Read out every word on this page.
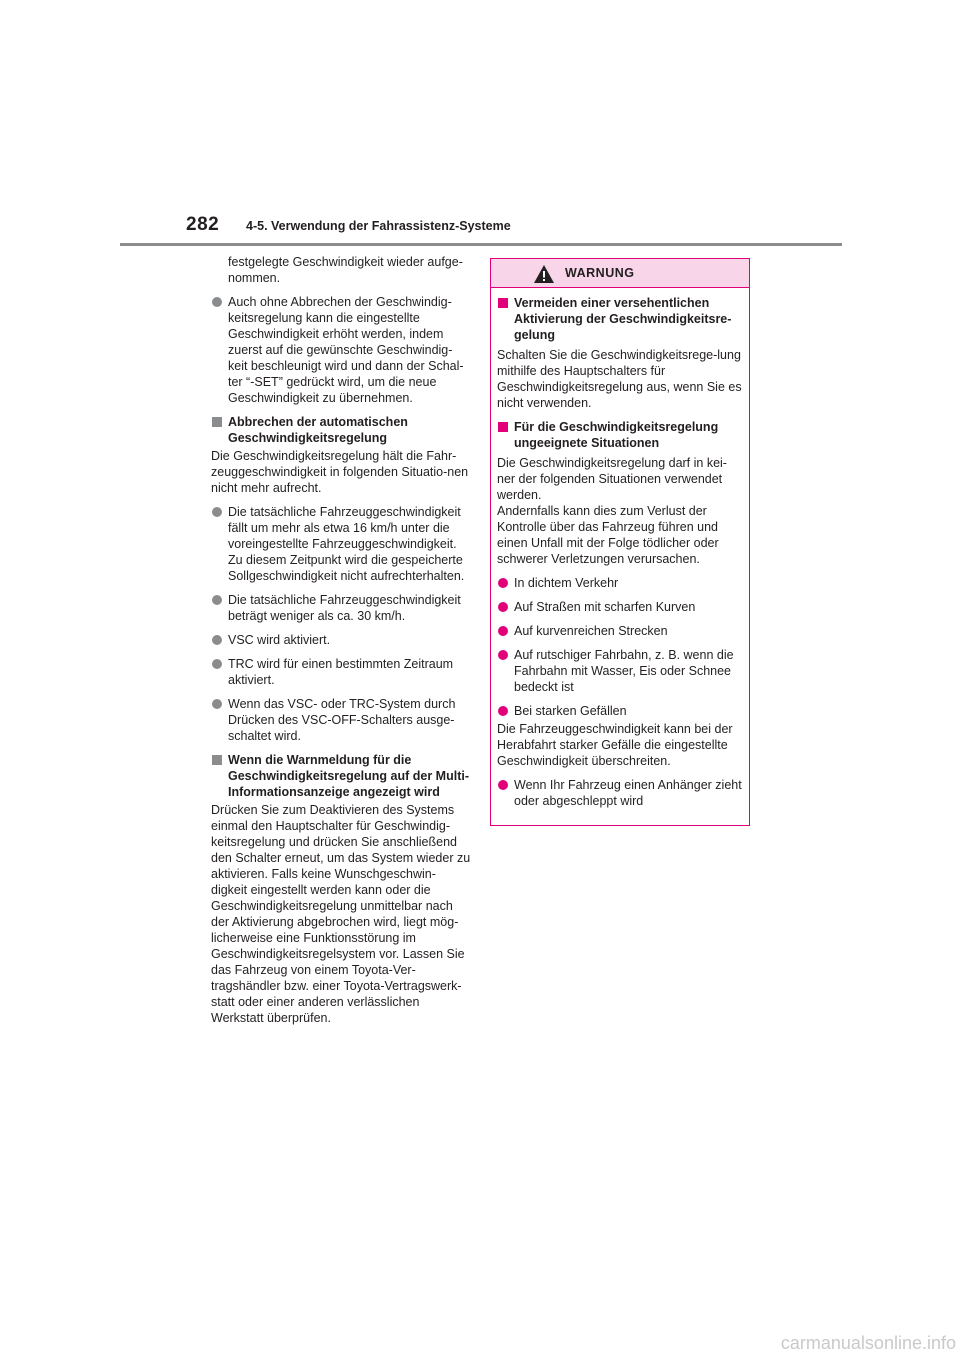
282 4-5. Verwendung der Fahrassistenz-Systeme

festgelegte Geschwindigkeit wieder aufge-nommen.

Auch ohne Abbrechen der Geschwindig-keitsregelung kann die eingestellte Geschwindigkeit erhöht werden, indem zuerst auf die gewünschte Geschwindig-keit beschleunigt wird und dann der Schal-ter “-SET” gedrückt wird, um die neue Geschwindigkeit zu übernehmen.
Abbrechen der automatischen Geschwindigkeitsregelung

Die Geschwindigkeitsregelung hält die Fahr-zeuggeschwindigkeit in folgenden Situatio-nen nicht mehr aufrecht.

Die tatsächliche Fahrzeuggeschwindigkeit fällt um mehr als etwa 16 km/h unter die voreingestellte Fahrzeuggeschwindigkeit. Zu diesem Zeitpunkt wird die gespeicherte Sollgeschwindigkeit nicht aufrechterhalten.
Die tatsächliche Fahrzeuggeschwindigkeit beträgt weniger als ca. 30 km/h.
VSC wird aktiviert.
TRC wird für einen bestimmten Zeitraum aktiviert.
Wenn das VSC- oder TRC-System durch Drücken des VSC-OFF-Schalters ausge-schaltet wird.
Wenn die Warnmeldung für die Geschwindigkeitsregelung auf der Multi-Informationsanzeige angezeigt wird

Drücken Sie zum Deaktivieren des Systems einmal den Hauptschalter für Geschwindig-keitsregelung und drücken Sie anschließend den Schalter erneut, um das System wieder zu aktivieren. Falls keine Wunschgeschwin-digkeit eingestellt werden kann oder die Geschwindigkeitsregelung unmittelbar nach der Aktivierung abgebrochen wird, liegt mög-licherweise eine Funktionsstörung im Geschwindigkeitsregelsystem vor. Lassen Sie das Fahrzeug von einem Toyota-Ver-tragshändler bzw. einer Toyota-Vertragswerk-statt oder einer anderen verlässlichen Werkstatt überprüfen.

WARNUNG
Vermeiden einer versehentlichen Aktivierung der Geschwindigkeitsre-gelung

Schalten Sie die Geschwindigkeitsrege-lung mithilfe des Hauptschalters für Geschwindigkeitsregelung aus, wenn Sie es nicht verwenden.

Für die Geschwindigkeitsregelung ungeeignete Situationen

Die Geschwindigkeitsregelung darf in kei-ner der folgenden Situationen verwendet werden.
Andernfalls kann dies zum Verlust der Kontrolle über das Fahrzeug führen und einen Unfall mit der Folge tödlicher oder schwerer Verletzungen verursachen.

In dichtem Verkehr
Auf Straßen mit scharfen Kurven
Auf kurvenreichen Strecken
Auf rutschiger Fahrbahn, z. B. wenn die Fahrbahn mit Wasser, Eis oder Schnee bedeckt ist
Bei starken Gefällen

Die Fahrzeuggeschwindigkeit kann bei der Herabfahrt starker Gefälle die eingestellte Geschwindigkeit überschreiten.

Wenn Ihr Fahrzeug einen Anhänger zieht oder abgeschleppt wird
carmanualsonline.info
